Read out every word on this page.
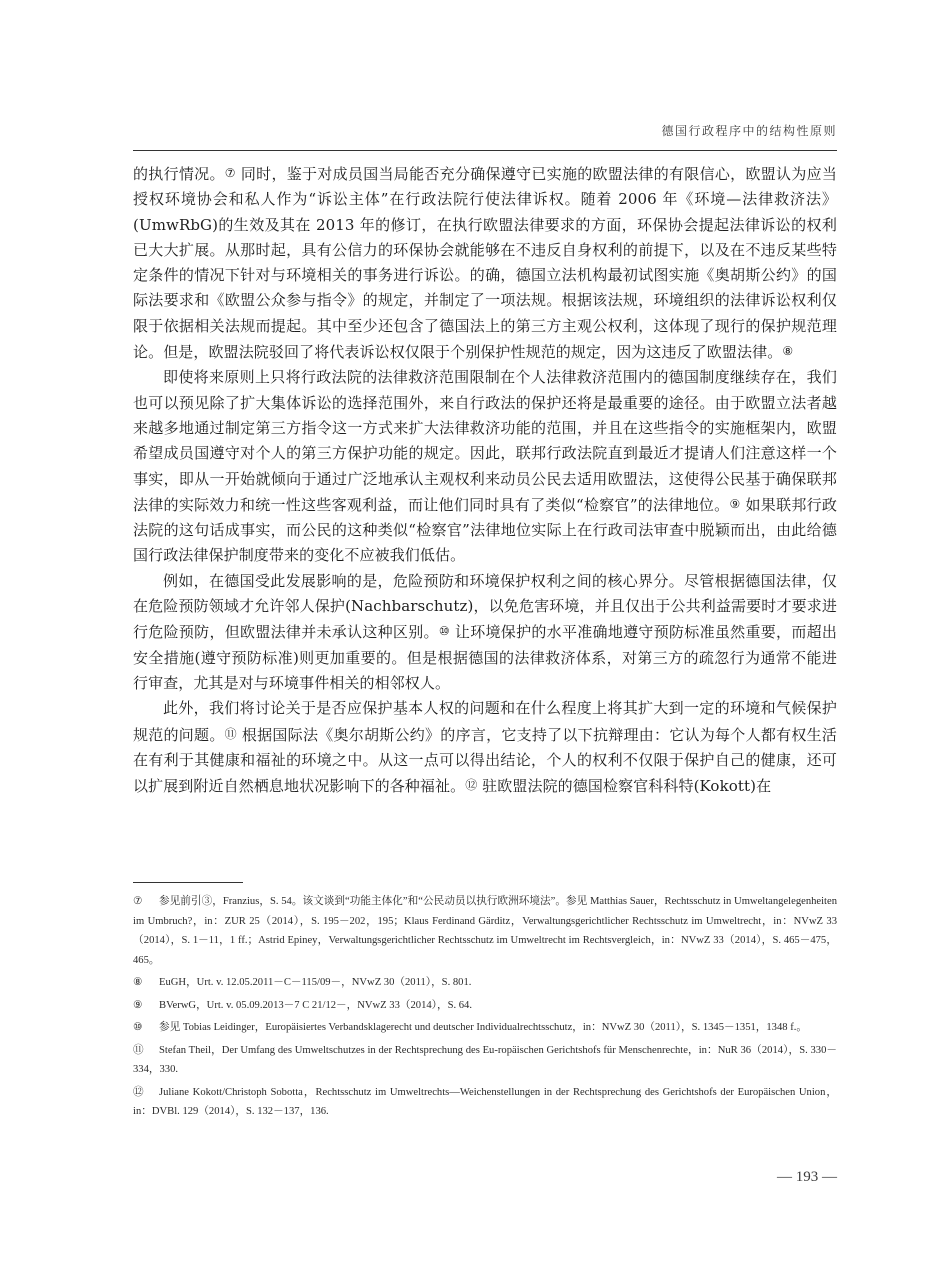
德国行政程序中的结构性原则

的执行情况。⑦ 同时，鉴于对成员国当局能否充分确保遵守已实施的欧盟法律的有限信心，欧盟认为应当授权环境协会和私人作为“诉讼主体”在行政法院行使法律诉权。随着 2006 年《环境—法律救济法》(UmwRbG)的生效及其在 2013 年的修订，在执行欧盟法律要求的方面，环保协会提起法律诉讼的权利已大大扩展。从那时起，具有公信力的环保协会就能够在不违反自身权利的前提下，以及在不违反某些特定条件的情况下针对与环境相关的事务进行诉讼。的确，德国立法机构最初试图实施《奥胡斯公约》的国际法要求和《欧盟公众参与指令》的规定，并制定了一项法规。根据该法规，环境组织的法律诉讼权利仅限于依据相关法规而提起。其中至少还包含了德国法上的第三方主观公权利，这体现了现行的保护规范理论。但是，欧盟法院驳回了将代表诉讼权仅限于个别保护性规范的规定，因为这违反了欧盟法律。⑧

即使将来原则上只将行政法院的法律救济范围限制在个人法律救济范围内的德国制度继续存在，我们也可以预见除了扩大集体诉讼的选择范围外，来自行政法的保护还将是最重要的途径。由于欧盟立法者越来越多地通过制定第三方指令这一方式来扩大法律救济功能的范围，并且在这些指令的实施框架内，欧盟希望成员国遵守对个人的第三方保护功能的规定。因此，联邦行政法院直到最近才提请人们注意这样一个事实，即从一开始就倾向于通过广泛地承认主观权利来动员公民去适用欧盟法，这使得公民基于确保联邦法律的实际效力和统一性这些客观利益，而让他们同时具有了类似“检察官”的法律地位。⑨ 如果联邦行政法院的这句话成事实，而公民的这种类似“检察官”法律地位实际上在行政司法审查中脱颖而出，由此给德国行政法律保护制度带来的变化不应被我们低估。

例如，在德国受此发展影响的是，危险预防和环境保护权利之间的核心界分。尽管根据德国法律，仅在危险预防领域才允许邻人保护(Nachbarschutz)，以免危害环境，并且仅出于公共利益需要时才要求进行危险预防，但欧盟法律并未承认这种区别。⑩ 让环境保护的水平准确地遵守预防标准虽然重要，而超出安全措施(遵守预防标准)则更加重要的。但是根据德国的法律救济体系，对第三方的疏忽行为通常不能进行审查，尤其是对与环境事件相关的相邻权人。

此外，我们将讨论关于是否应保护基本人权的问题和在什么程度上将其扩大到一定的环境和气候保护规范的问题。⑪ 根据国际法《奥尔胡斯公约》的序言，它支持了以下抗辩理由：它认为每个人都有权生活在有利于其健康和福祉的环境之中。从这一点可以得出结论，个人的权利不仅限于保护自己的健康，还可以扩展到附近自然栖息地状况影响下的各种福祉。⑫ 驻欧盟法院的德国检察官科科特(Kokott)在

⑦ 参见前引③，Franzius，S. 54。该文谈到“功能主体化”和“公民动员以执行欧洲环境法”。参见 Matthias Sauer，Rechtsschutz in Umweltangelegenheiten im Umbruch?，in：ZUR 25（2014），S. 195－202，195；Klaus Ferdinand Gärditz，Verwaltungsgerichtlicher Rechtsschutz im Umweltrecht，in：NVwZ 33（2014），S. 1－11，1 ff.；Astrid Epiney，Verwaltungsgerichtlicher Rechtsschutz im Umweltrecht im Rechtsvergleich，in：NVwZ 33（2014），S. 465－475，465。

⑧ EuGH，Urt. v. 12.05.2011－C－115/09－，NVwZ 30（2011），S. 801.

⑨ BVerwG，Urt. v. 05.09.2013－7 C 21/12－，NVwZ 33（2014），S. 64.

⑩ 参见 Tobias Leidinger，Europäisiertes Verbandsklagerecht und deutscher Individualrechtsschutz，in：NVwZ 30（2011），S. 1345－1351，1348 f.。

⑪ Stefan Theil，Der Umfang des Umweltschutzes in der Rechtsprechung des Eu-ropäischen Gerichtshofs für Menschenrechte，in：NuR 36（2014），S. 330－334，330.

⑫ Juliane Kokott/Christoph Sobotta，Rechtsschutz im Umweltrechts—Weichenstellungen in der Rechtsprechung des Gerichtshofs der Europäischen Union，in：DVBl. 129（2014），S. 132－137，136.

— 193 —
